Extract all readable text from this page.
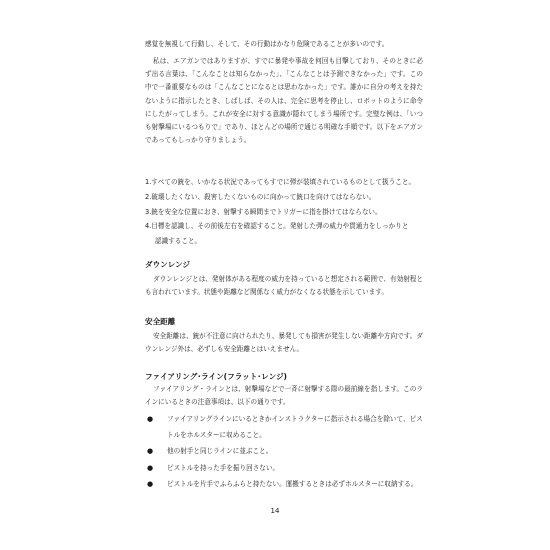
感覚を無視して行動し、そして、その行動はかなり危険であることが多いのです。

私は、エアガンではありますが、すでに暴発や事故を何回も目撃しており、そのときに必ず出る言葉は、「こんなことは知らなかった」、「こんなことは予測できなかった」です。この中で一番重要なものは「こんなことになるとは思わなかった」です。誰かに自分の考えを持たないように指示したとき、しばしば、その人は、完全に思考を停止し、ロボットのように命令にしたがってしまう。これが安全に対する意識が隠れてしまう場所です。完璧な例は、「いつも射撃場にいるつもりで」であり、ほとんどの場所で通じる明確な手順です。以下をエアガンであってもしっかり守りましょう。

1.すべての銃を、いかなる状況であってもすでに弾が装填されているものとして扱うこと。
2.破壊したくない、殺害したくないものに向かって銃口を向けてはならない。
3.銃を安全な位置におき、射撃する瞬間までトリガーに指を掛けてはならない。
4.目標を認識し、その前後左右を確認すること。発射した弾の威力や貫通力をしっかりと
認識すること。
ダウンレンジ

ダウンレンジとは、発射体がある程度の威力を持っていると想定される範囲で、有効射程とも言われています。状態や距離など関係なく威力がなくなる状態を示しています。

安全距離

安全距離は、銃が不注意に向けられたり、暴発しても損害が発生しない距離や方向です。ダウンレンジ外は、必ずしも安全距離とはいえません。

ファイアリング･ライン(フラット･レンジ)

ファイアリング・ラインとは、射撃場などで一斉に射撃する際の最前線を指します。このラインにいるときの注意事項は、以下の通りです。

●	ファイアリングラインにいるときかインストラクターに指示される場合を除いて、ピストルをホルスターに収めること。
●	他の射手と同じラインに並ぶこと。
●	ピストルを持った手を振り回さない。
●	ピストルを片手でふらふらと持たない。運搬するときは必ずホルスターに収納する。
14
